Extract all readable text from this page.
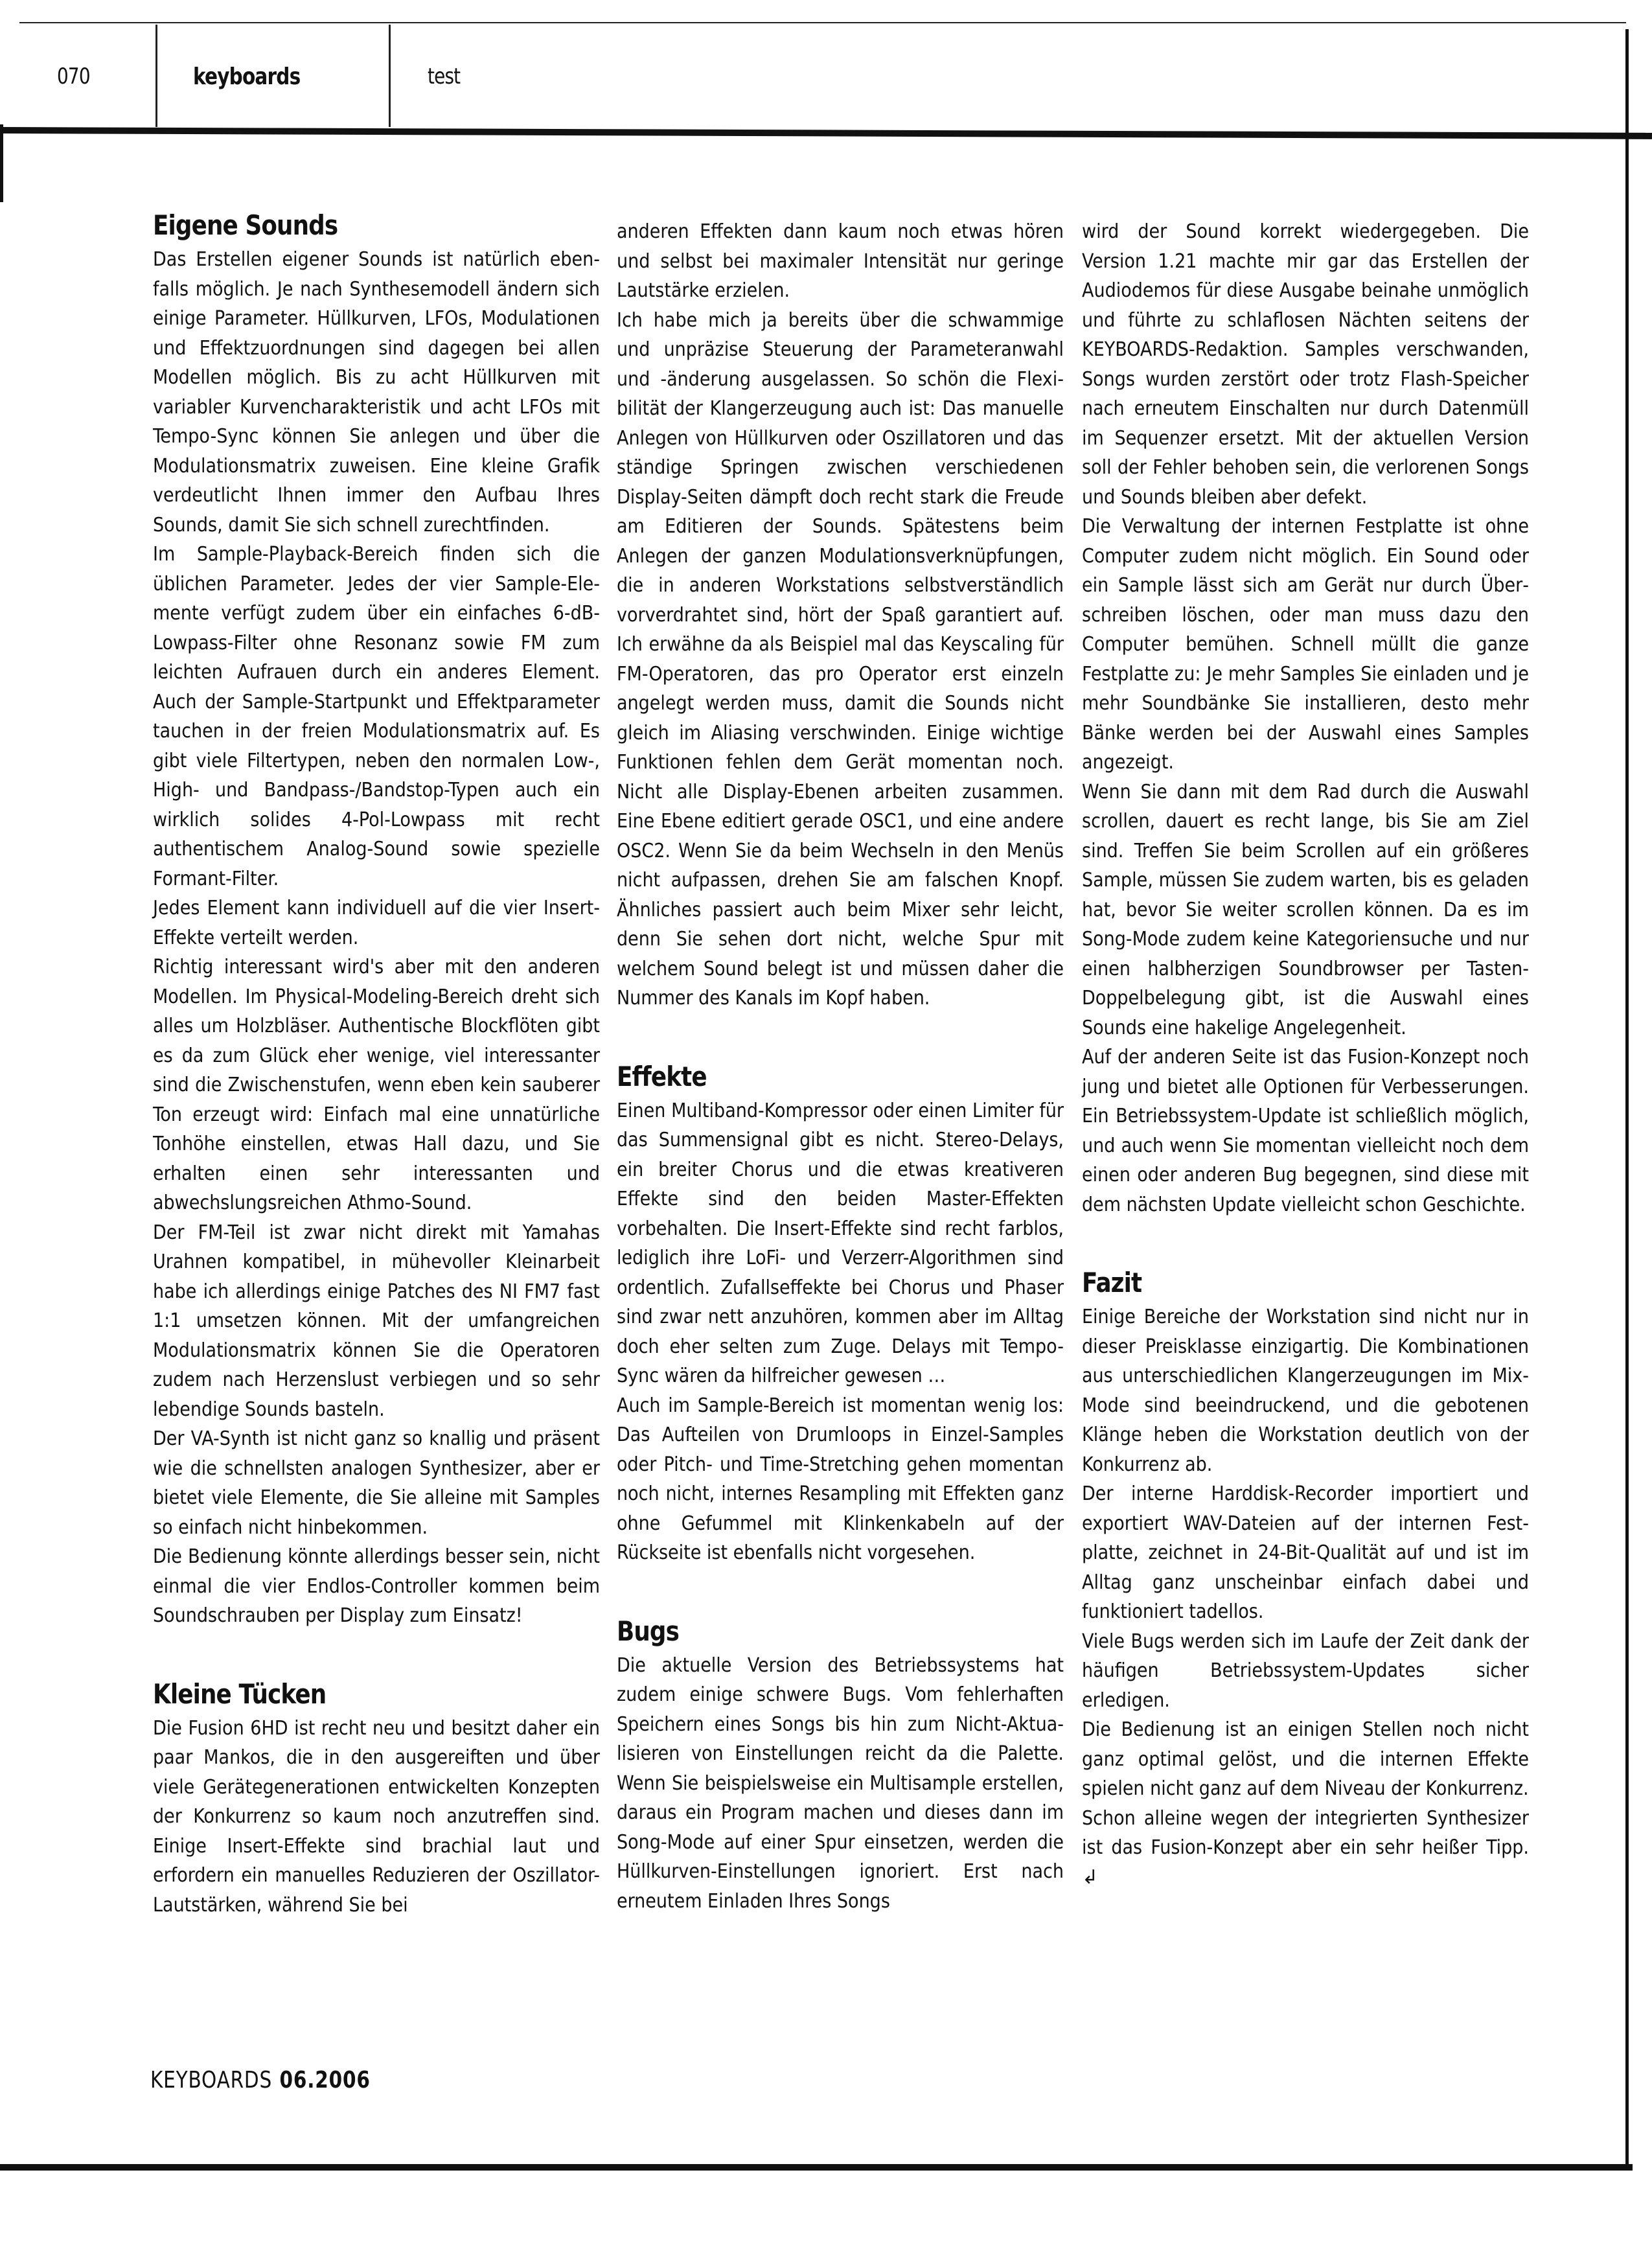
070	keyboards	test
Eigene Sounds

Das Erstellen eigener Sounds ist natürlich ebenfalls möglich. Je nach Synthesemodell ändern sich einige Parameter. Hüllkurven, LFOs, Modulationen und Effektzuordnungen sind dagegen bei allen Modellen möglich. Bis zu acht Hüllkurven mit variabler Kurvencharakteristik und acht LFOs mit Tempo-Sync können Sie anlegen und über die Modulationsmatrix zuweisen. Eine kleine Grafik verdeutlicht Ihnen immer den Aufbau Ihres Sounds, damit Sie sich schnell zurechtfinden.

Im Sample-Playback-Bereich finden sich die üblichen Parameter. Jedes der vier Sample-Elemente verfügt zudem über ein einfaches 6-dB-Lowpass-Filter ohne Resonanz sowie FM zum leichten Aufrauen durch ein anderes Element. Auch der Sample-Startpunkt und Effektparameter tauchen in der freien Modulationsmatrix auf. Es gibt viele Filtertypen, neben den normalen Low-, High- und Bandpass-/Bandstop-Typen auch ein wirklich solides 4-Pol-Lowpass mit recht authentischem Analog-Sound sowie spezielle Formant-Filter.

Jedes Element kann individuell auf die vier Insert-Effekte verteilt werden.

Richtig interessant wird's aber mit den anderen Modellen. Im Physical-Modeling-Bereich dreht sich alles um Holzbläser. Authentische Blockflöten gibt es da zum Glück eher wenige, viel interessanter sind die Zwischenstufen, wenn eben kein sauberer Ton erzeugt wird: Einfach mal eine unnatürliche Tonhöhe einstellen, etwas Hall dazu, und Sie erhalten einen sehr interessanten und abwechslungsreichen Athmo-Sound.

Der FM-Teil ist zwar nicht direkt mit Yamahas Urahnen kompatibel, in mühevoller Kleinarbeit habe ich allerdings einige Patches des NI FM7 fast 1:1 umsetzen können. Mit der umfangreichen Modulationsmatrix können Sie die Operatoren zudem nach Herzenslust verbiegen und so sehr lebendige Sounds basteln.

Der VA-Synth ist nicht ganz so knallig und präsent wie die schnellsten analogen Synthesizer, aber er bietet viele Elemente, die Sie alleine mit Samples so einfach nicht hinbekommen.

Die Bedienung könnte allerdings besser sein, nicht einmal die vier Endlos-Controller kommen beim Soundschrauben per Display zum Einsatz!

Kleine Tücken

Die Fusion 6HD ist recht neu und besitzt daher ein paar Mankos, die in den ausgereiften und über viele Gerätegenerationen entwickelten Konzepten der Konkurrenz so kaum noch anzutreffen sind. Einige Insert-Effekte sind brachial laut und erfordern ein manuelles Reduzieren der Oszillator-Lautstärken, während Sie bei

anderen Effekten dann kaum noch etwas hören und selbst bei maximaler Intensität nur geringe Lautstärke erzielen.

Ich habe mich ja bereits über die schwammige und unpräzise Steuerung der Parameteranwahl und -änderung ausgelassen. So schön die Flexibilität der Klangerzeugung auch ist: Das manuelle Anlegen von Hüllkurven oder Oszillatoren und das ständige Springen zwischen verschiedenen Display-Seiten dämpft doch recht stark die Freude am Editieren der Sounds. Spätestens beim Anlegen der ganzen Modulationsverknüpfungen, die in anderen Workstations selbstverständlich vorverdrahtet sind, hört der Spaß garantiert auf. Ich erwähne da als Beispiel mal das Keyscaling für FM-Operatoren, das pro Operator erst einzeln angelegt werden muss, damit die Sounds nicht gleich im Aliasing verschwinden. Einige wichtige Funktionen fehlen dem Gerät momentan noch. Nicht alle Display-Ebenen arbeiten zusammen. Eine Ebene editiert gerade OSC1, und eine andere OSC2. Wenn Sie da beim Wechseln in den Menüs nicht aufpassen, drehen Sie am falschen Knopf. Ähnliches passiert auch beim Mixer sehr leicht, denn Sie sehen dort nicht, welche Spur mit welchem Sound belegt ist und müssen daher die Nummer des Kanals im Kopf haben.

Effekte

Einen Multiband-Kompressor oder einen Limiter für das Summensignal gibt es nicht. Stereo-Delays, ein breiter Chorus und die etwas kreativeren Effekte sind den beiden Master-Effekten vorbehalten. Die Insert-Effekte sind recht farblos, lediglich ihre LoFi- und Verzerr-Algorithmen sind ordentlich. Zufallseffekte bei Chorus und Phaser sind zwar nett anzuhören, kommen aber im Alltag doch eher selten zum Zuge. Delays mit Tempo-Sync wären da hilfreicher gewesen …

Auch im Sample-Bereich ist momentan wenig los: Das Aufteilen von Drumloops in Einzel-Samples oder Pitch- und Time-Stretching gehen momentan noch nicht, internes Resampling mit Effekten ganz ohne Gefummel mit Klinkenkabeln auf der Rückseite ist ebenfalls nicht vorgesehen.

Bugs

Die aktuelle Version des Betriebssystems hat zudem einige schwere Bugs. Vom fehlerhaften Speichern eines Songs bis hin zum Nicht-Aktualisieren von Einstellungen reicht da die Palette. Wenn Sie beispielsweise ein Multisample erstellen, daraus ein Program machen und dieses dann im Song-Mode auf einer Spur einsetzen, werden die Hüllkurven-Einstellungen ignoriert. Erst nach erneutem Einladen Ihres Songs

wird der Sound korrekt wiedergegeben. Die Version 1.21 machte mir gar das Erstellen der Audiodemos für diese Ausgabe beinahe unmöglich und führte zu schlaflosen Nächten seitens der KEYBOARDS-Redaktion. Samples verschwanden, Songs wurden zerstört oder trotz Flash-Speicher nach erneutem Einschalten nur durch Datenmüll im Sequenzer ersetzt. Mit der aktuellen Version soll der Fehler behoben sein, die verlorenen Songs und Sounds bleiben aber defekt.

Die Verwaltung der internen Festplatte ist ohne Computer zudem nicht möglich. Ein Sound oder ein Sample lässt sich am Gerät nur durch Überschreiben löschen, oder man muss dazu den Computer bemühen. Schnell müllt die ganze Festplatte zu: Je mehr Samples Sie einladen und je mehr Soundbänke Sie installieren, desto mehr Bänke werden bei der Auswahl eines Samples angezeigt.

Wenn Sie dann mit dem Rad durch die Auswahl scrollen, dauert es recht lange, bis Sie am Ziel sind. Treffen Sie beim Scrollen auf ein größeres Sample, müssen Sie zudem warten, bis es geladen hat, bevor Sie weiter scrollen können. Da es im Song-Mode zudem keine Kategoriensuche und nur einen halbherzigen Soundbrowser per Tasten-Doppelbelegung gibt, ist die Auswahl eines Sounds eine hakelige Angelegenheit.

Auf der anderen Seite ist das Fusion-Konzept noch jung und bietet alle Optionen für Verbesserungen. Ein Betriebssystem-Update ist schließlich möglich, und auch wenn Sie momentan vielleicht noch dem einen oder anderen Bug begegnen, sind diese mit dem nächsten Update vielleicht schon Geschichte.

Fazit

Einige Bereiche der Workstation sind nicht nur in dieser Preisklasse einzigartig. Die Kombinationen aus unterschiedlichen Klangerzeugungen im Mix-Mode sind beeindruckend, und die gebotenen Klänge heben die Workstation deutlich von der Konkurrenz ab.

Der interne Harddisk-Recorder importiert und exportiert WAV-Dateien auf der internen Festplatte, zeichnet in 24-Bit-Qualität auf und ist im Alltag ganz unscheinbar einfach dabei und funktioniert tadellos.

Viele Bugs werden sich im Laufe der Zeit dank der häufigen Betriebssystem-Updates sicher erledigen.

Die Bedienung ist an einigen Stellen noch nicht ganz optimal gelöst, und die internen Effekte spielen nicht ganz auf dem Niveau der Konkurrenz.

Schon alleine wegen der integrierten Synthesizer ist das Fusion-Konzept aber ein sehr heißer Tipp. ↲

KEYBOARDS 06.2006
